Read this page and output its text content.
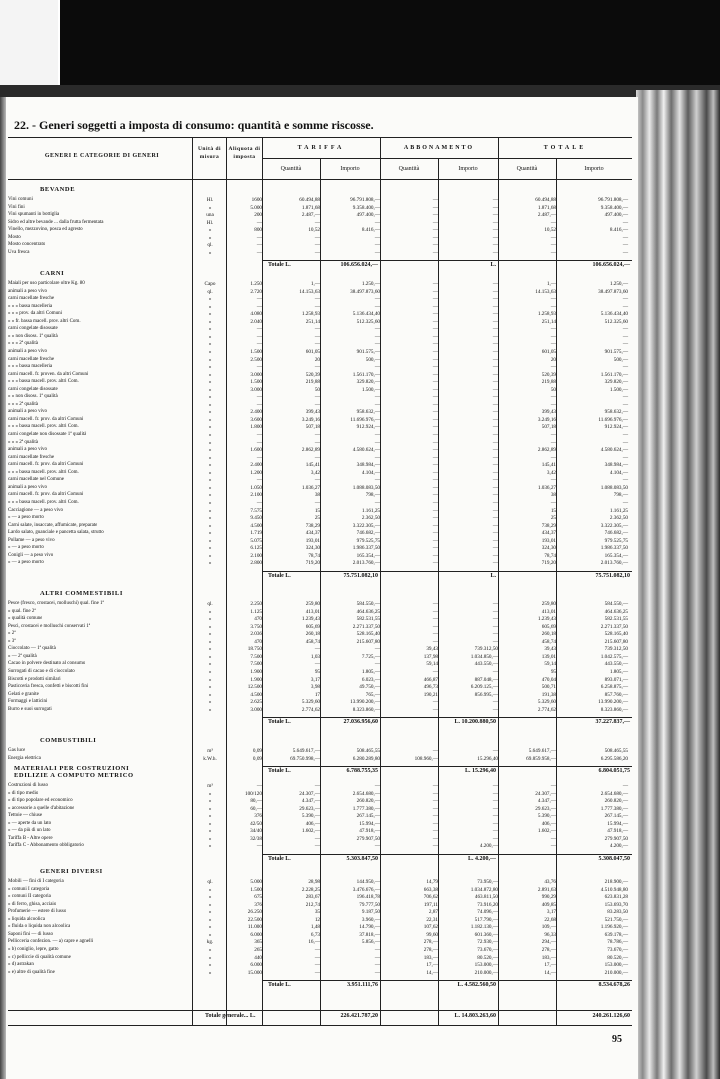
22. - Generi soggetti a imposta di consumo: quantità e somme riscosse.
GENERI E CATEGORIE DI GENERI
Unità di misura
Aliquota di imposta
TARIFFA	ABBONAMENTO	TOTALE
Quantità	Importo	Quantità	Importo	Quantità	Importo
BEVANDE
Vini comuni	Hl.	1600	60.494,88	96.791.808,—	—	—	60.494,88	96.791.808,—
Vini fini	»	5.000	1.871,68	9.358.400,—	—	—	1.871,68	9.358.400,—
Vini spumanti in bottiglia	una	200	2.487,—	497.400,—	—	—	2.487,—	497.400,—
Sidro ed altre bevande ... dalla frutta fermentata	Hl.	—	—	—	—	—	—	—
Vinello, mezzovino, posca ed agresto	»	800	10,52	8.416,—	—	—	10,52	8.416,—
Mosto	»	—	—	—	—	—	—	—
Mosto concentrato	ql.	—	—	—	—	—	—	—
Uva fresca	»	—	—	—	—	—	—	—
Totale L.	106.656.024,—	L.	106.656.024,—
CARNI
Maiali per uso particolare oltre Kg. 80	Capo	1.250	1,—	1.250,—	—	—	1,—	1.250,—
animali a peso vivo	ql.	2.720	14.153,63	38.497.873,60	—	—	14.153,63	38.497.873,60
carni macellate fresche	»	—	—	—	—	—	—	—
» » » bassa macelleria	»	—	—	—	—	—	—	—
» » » prov. da altri Comuni	»	4.080	1.258,93	5.136.434,40	—	—	1.258,93	5.136.434,40
» » fr. bassa macell. prov. altri Com.	»	2.040	251,14	512.325,60	—	—	251,14	512.325,60
carni congelate disossate	»	—	—	—	—	—	—	—
» » non disoss. 1ª qualità	»	—	—	—	—	—	—	—
» » » 2ª qualità	»	—	—	—	—	—	—	—
animali a peso vivo	»	1.500	601,05	901.575,—	—	—	601,05	901.575,—
carni macellate fresche	»	2.500	20	500,—	—	—	20	500,—
» » » bassa macelleria	»	—	—	—	—	—	—	—
carni macell. fr. proven. da altri Comuni	»	3.000	520,39	1.561.170,—	—	—	520,39	1.561.170,—
» » » bassa macell. prov. altri Com.	»	1.500	219,88	329.820,—	—	—	219,88	329.820,—
carni congelate disossate	»	3.000	50	1.500,—	—	—	50	1.500,—
» » non disoss. 1ª qualità	»	—	—	—	—	—	—	—
» » » 2ª qualità	»	—	—	—	—	—	—	—
animali a peso vivo	»	2.400	399,43	958.632,—	—	—	399,43	958.632,—
carni macell. fr. prov. da altri Comuni	»	3.600	3.249,16	11.696.976,—	—	—	3.249,16	11.696.976,—
» » » bassa macell. prov. altri Com.	»	1.800	507,18	912.924,—	—	—	507,18	912.924,—
carni congelate non disossate 1ª qualità	»	—	—	—	—	—	—	—
» » » 2ª qualità	»	—	—	—	—	—	—	—
animali a peso vivo	»	1.600	2.862,89	4.580.624,—	—	—	2.862,89	4.580.624,—
carni macellate fresche	»	—	—	—	—	—	—	—
carni macell. fr. prov. da altri Comuni	»	2.400	145,41	348.984,—	—	—	145,41	348.984,—
» » » bassa macell. prov. altri Com.	»	1.200	3,42	4.104,—	—	—	3,42	4.104,—
carni macellate nel Comune	»	—	—	—	—	—	—	—
animali a peso vivo	»	1.050	1.036,27	1.088.083,50	—	—	1.036,27	1.088.083,50
carni macell. fr. prov. da altri Comuni	»	2.100	38	798,—	—	—	38	798,—
» » » bassa macell. prov. altri Com.	»	—	—	—	—	—	—	—
Cacciagione — a peso vivo	»	7.575	15	1.161,25	—	—	15	1.161,25
» — a peso morto	»	9.450	25	2.362,50	—	—	25	2.362,50
Carni salate, insaccate, affumicate, preparate	»	4.500	738,29	3.322.305,—	—	—	738,29	3.322.305,—
Lardo salato, guanciale e pancetta salata, strutto	»	1.719	434,37	746.682,—	—	—	434,37	746.682,—
Pollame — a peso vivo	»	5.075	193,01	979.525,75	—	—	193,01	979.525,75
» — a peso morto	»	6.125	324,30	1.986.337,50	—	—	324,30	1.986.337,50
Conigli — a peso vivo	»	2.100	78,74	165.354,—	—	—	78,74	165.354,—
» — a peso morto	»	2.800	719,20	2.013.760,—	—	—	719,20	2.013.760,—
Totale L.	75.751.082,10	L.	75.751.082,10
ALTRI COMMESTIBILI
Pesce (fresco, crostacei, molluschi) qual. fine 1ª	ql.	2.250	259,80	584.550,—	—	—	259,80	584.550,—
» qual. fine 2ª	»	1.125	413,01	464.636,25	—	—	413,01	464.636,25
» qualità comune	»	470	1.239,43	582.531,55	—	—	1.239,43	582.531,55
Pesci, crostacei e molluschi conservati 1ª	»	3.750	605,69	2.271.337,50	—	—	605,69	2.271.337,50
» 2ª	»	2.036	260,18	528.165,40	—	—	260,18	528.165,40
» 3ª	»	470	458,74	215.607,80	—	—	458,74	215.607,80
Cioccolato — 1ª qualità	»	18.750	—	—	39,43	739.312,50	39,43	739.312,50
» — 2ª qualità	»	7.500	1,03	7.725,—	137,98	1.034.850,—	139,01	1.042.575,—
Cacao in polvere destinato al consumo	»	7.500	—	—	59,14	443.550,—	59,14	443.550,—
Surrogati di cacao e di cioccolato	»	1.900	95	1.805,—	—	—	95	1.805,—
Biscotti e prodotti similari	»	1.900	3,17	6.023,—	466,87	887.048,—	470,04	893.071,—
Pasticceria fresca, confetti e biscotti fini	»	12.500	3,98	49.750,—	496,73	6.209.125,—	500,71	6.258.875,—
Gelati e granite	»	4.500	17	765,—	190,21	856.995,—	191,38	857.760,—
Formaggi e latticini	»	2.625	5.329,60	13.990.200,—	—	—	5.329,60	13.990.200,—
Burro e suoi surrogati	»	3.000	2.774,62	8.323.860,—	—	—	2.774,62	8.323.860,—
Totale L.	27.036.956,60	L. 10.200.880,50	37.227.837,—
COMBUSTIBILI
Gas luce	m³	0,09	5.649.617,—	508.465,55	—	—	5.649.617,—	508.465,55
Energia elettrica	k.W.h.	0,09	69.750.998,—	6.280.289,80	108.960,—	15.296,40	69.859.958,—	6.295.586,20
Totale L.	6.788.755,35	L. 15.296,40	6.804.051,75
MATERIALI PER COSTRUZIONI EDILIZIE A COMPUTO METRICO
Costruzioni di lusso	m³	—	—	—	—	—	—	—
» di tipo medio	»	100/120	24.307,—	2.654.680,—	—	—	24.307,—	2.654.680,—
» di tipo popolare ed economico	»	80,—	4.347,—	260.820,—	—	—	4.347,—	260.820,—
» accessorie a quelle d'abitazione	»	60,—	29.623,—	1.777.380,—	—	—	29.623,—	1.777.380,—
Tettoie — chiuse	»	376	5.390,—	267.145,—	—	—	5.390,—	267.145,—
» — aperte da un lato	»	42/50	406,—	15.994,—	—	—	406,—	15.994,—
» — da più di un lato	»	34/40	1.602,—	47.918,—	—	—	1.602,—	47.918,—
Tariffa B - Altre opere	»	32/38	—	279.907,50	—	—	—	279.907,50
Tariffa C - Abbonamento obbligatorio	»	—	—	—	—	4.200,—	—	4.200,—
Totale L.	5.303.847,50	L. 4.200,—	5.308.047,50
GENERI DIVERSI
Mobili — fini di I categoria	ql.	5.000	28,98	144.950,—	14,79	73.950,—	43,76	218.900,—
» comuni I categoria	»	1.500	2.228,25	3.476.676,—	663,38	1.034.872,80	2.891,63	4.510.948,80
» comuni II categoria	»	675	283,67	196.418,78	706,62	463.811,50	990,29	623.831,28
» di ferro, ghisa, acciaio	»	376	212,74	79.777,50	197,11	73.916,20	409,85	153.693,70
Profumerie — estere di lusso	»	26.250	35	9.187,50	2,87	74.096,—	3,17	83.283,50
» liquida alcoolica	»	22.500	12	3.960,—	22,31	517.790,—	22,68	521.750,—
» fluida o liquida non alcoolica	»	11.000	1,48	14.790,—	107,62	1.182.130,—	109,—	1.196.920,—
Saponi fini — di lusso	»	6.000	6,73	37.818,—	99,60	601.360,—	96,33	639.178,—
Pellicceria confezion. — a) capre e agnelli	kg.	365	16,—	5.856,—	278,—	72.930,—	294,—	78.786,—
» b) coniglio, lepre, gatto	»	265	—	—	278,—	73.670,—	278,—	73.670,—
» c) pelliccie di qualità comune	»	440	—	—	183,—	80.520,—	183,—	80.520,—
» d) astrakan	»	6.000	—	—	17,—	153.000,—	17,—	153.000,—
» e) altre di qualità fine	»	15.000	—	—	14,—	210.000,—	14,—	210.000,—
Totale L.	3.951.111,76	L. 4.582.560,50	8.534.678,26
Totale generale... L.	226.421.787,20	L. 14.803.263,60	240.261.126,60
95
